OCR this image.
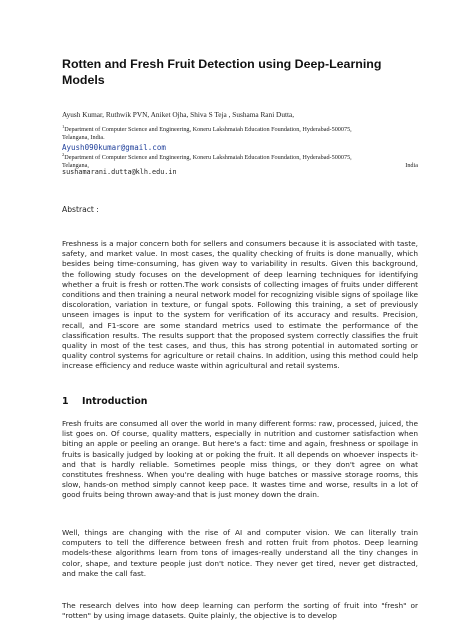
Rotten and Fresh Fruit Detection using Deep-Learning Models
Ayush Kumar, Ruthwik PVN, Aniket Ojha, Shiva S Teja , Sushama Rani Dutta,
$^1$Department of Computer Science and Engineering, Koneru Lakshmaiah Education Foundation, Hyderabad-500075,
Telangana, India.
Ayush090kumar@gmail.com
$^2$Department of Computer Science and Engineering, Koneru Lakshmaiah Education Foundation, Hyderabad-500075,
Telangana,	India
sushamarani.dutta@klh.edu.in
Abstract :

Freshness is a major concern both for sellers and consumers because it is associated with taste, safety, and market value. In most cases, the quality checking of fruits is done manually, which besides being time-consuming, has given way to variability in results. Given this background, the following study focuses on the development of deep learning techniques for identifying whether a fruit is fresh or rotten.The work consists of collecting images of fruits under different conditions and then training a neural network model for recognizing visible signs of spoilage like discoloration, variation in texture, or fungal spots. Following this training, a set of previously unseen images is input to the system for verification of its accuracy and results. Precision, recall, and F1-score are some standard metrics used to estimate the performance of the classification results. The results support that the proposed system correctly classifies the fruit quality in most of the test cases, and thus, this has strong potential in automated sorting or quality control systems for agriculture or retail chains. In addition, using this method could help increase efficiency and reduce waste within agricultural and retail systems.

1 Introduction

Fresh fruits are consumed all over the world in many different forms: raw, processed, juiced, the list goes on. Of course, quality matters, especially in nutrition and customer satisfaction when biting an apple or peeling an orange. But here's a fact: time and again, freshness or spoilage in fruits is basically judged by looking at or poking the fruit. It all depends on whoever inspects it-and that is hardly reliable. Sometimes people miss things, or they don't agree on what constitutes freshness. When you're dealing with huge batches or massive storage rooms, this slow, hands-on method simply cannot keep pace. It wastes time and worse, results in a lot of good fruits being thrown away-and that is just money down the drain.

Well, things are changing with the rise of AI and computer vision. We can literally train computers to tell the difference between fresh and rotten fruit from photos. Deep learning models-these algorithms learn from tons of images-really understand all the tiny changes in color, shape, and texture people just don't notice. They never get tired, never get distracted, and make the call fast.

The research delves into how deep learning can perform the sorting of fruit into "fresh" or "rotten" by using image datasets. Quite plainly, the objective is to develop
